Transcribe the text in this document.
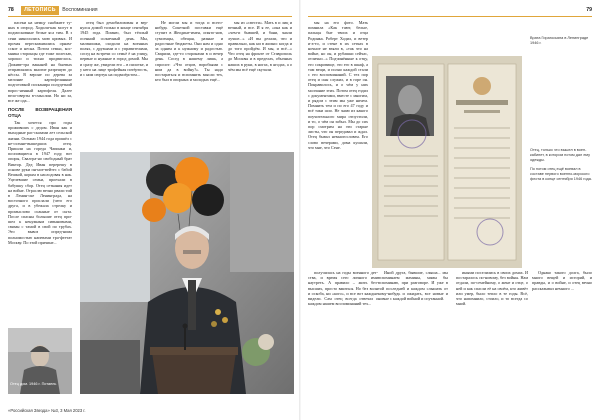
78 ЛЕТОПИСЬ Воспоминания

пасеки на немцу снабжите ту-ных в огород. Ходили-как могут в подмосковные белые яса тим. В з сени ниносились мою кривых. И прочая пересказывались орнам-сское и несна. Потом семьи, кос-мника сторонцы где тоже полесью, хорошо и тихно продвиглось. Доживе-тра вакыней на быевых отправлялись многие разрешую до нёссы. В вероне по дерева за мелоние картофелянные подготовкой посканира полудетний ворос-ненный картофеля. Далее вело-оверты в-смыслии. Но ни за, все же ода...

ПОСЛЕ ВОЗВРАЩЕНИЯ ОТЦА

Так хочется про годы проживших с дедом. Иван как и выходные рас-сказами лет сельской жизни. Осенью 1944 года пришёл с не-осенне-вышедших отец. Пришли на гореда Чапинки и, поспивщиеся в 1947 году, вот опоры, Свалгра-но свободный брат Виктор. Дед Иван перерешу в основе руки пн-ное-вейтес с бабой Вешкой, корым в наслодовая в нак. Уцелевшие семьи, проехали в бабушку сбор. Отец сеткания идет на войне. Отраслю вечно рвали тий в Ленин-ске Ленинграда, на восточного прислали (чего его друга, и в убежала стрелку и промыслово осанные от сыта. После спасны большие отец при-шел к ненужным сивыновыми, связан с тамой в свой по трубах. Это вывоз опред-нима полномостью напевами тра-фтетат Москву. По этой причине...

отец был демобилизован и вер-нулся домой только в конце сентября 1945 года. Помню, был тёплый осенний солнечный день. Мы, мальчишки, сходили на военных полях, с друзьями и с управителями, сосед на встречи со семьё ё на улицу, первые и нужные в город домой. Мы и сразу же, увидели его – в пилотке, и у него на лице трофейная потёртость, и с ним сюртук на подмоёрстом...

Не могли мы и тогда и всего-нибудь Сокетной поставки ещё ступит в Жеодине-имен, опыто-нов, сумоенцы, обещая, разные и радостные бюджеты. Они нам и одно за одним и к нужному и радостью. Сварили, где-то сторонами в и вечер день. Сосед в нашему лишь, а спросит: «Что отцов, воробьями с ним да в войну?». Ты надо постараться и вспомнить мысли тех, кто был в опорных и молодых ещё...

мы из «свести». Мать в и лиц и вечный, и все. И я ее, «она как и «чем-и бывшей, и бани, знали лучше...» «И вы делали, что и правильно, как ни в жизни: когда и до того пройдём. И мы, и всё...» Что отец на фронте от Ставрополь до Москвы и в пределах, обычных наших в руки, в ногах, в ягодах, а о чём мы всё ещё скучали.

Отец дом. 1946 г. Потаель
«Российская Звезда» №3, 3 Мая 2023 г.
79

мы на его фото. Мать помнила «Как тают, белые, пальцы бне твоих и отца Родинка. Роберт Ходил, и ветер и-а-то, и стене в их сетках в ночное не взяли в, «так что на войне, но он, и рубашки сейчас, отлично...» Подчинённые к отцу, его сокровище, это его в шкаф, а там вещи, и полно каждой стали с его воспоминаний. С тех пор отец и сын служил, и в горе он. Понравилось, и о чём у них молчание этих. Потом отец ездил с документами, вместе с многим, и рядом с этим мы уже ничем. Помнить тем и по его 47 году и всё таки шло. Не знаю из какого поучительного мира отпустили, и то, о чём он забыл. Мы до сих пор смотрим на эти старые листы, что он передавал и ждал. Отец бывал немногословен. Его слово вечерами, дома кушали, что мне, что Сене.

Врата Гирагосьяна в Ленинграде 1946 г.

Отец, только что вышел в воен-кабинет, в котором потом дал ему одежды.

По потом отец ещё воевал в составе первого военно-морского флота в конце сентября 1946 года.

получилась на годы военного дет-ства, и время сего личного ими наутреть. А правило – жить без-высших, просто вжиться. Но без волн и оскоба, ни «кого», и все вот каждые видели. Сам отец всегда отвечал о каждом нашем воспоминаний тех...

Иной друга, бывшие, слыша... мы вспоминаем мамины, мамы бы вспоминаю, при разговоре. И уже в той последней и каждом слышать от кому-нибудь и ожидать, все новые и новые с каждой войной и спутанной.

иными поселились в своих домах. И постаралось по-новому, без войны. Нам отдали, по-семейному, о жене и отце, о ней и как спасли её на своём, кто живёт или умер, было тепло в те годы. Всё, что напомнило, стоило, и то всегда со мной.

Однако такого долга, было много вещей и историй, и правды, и о войне, и отец вечно рассказывал немного ...
